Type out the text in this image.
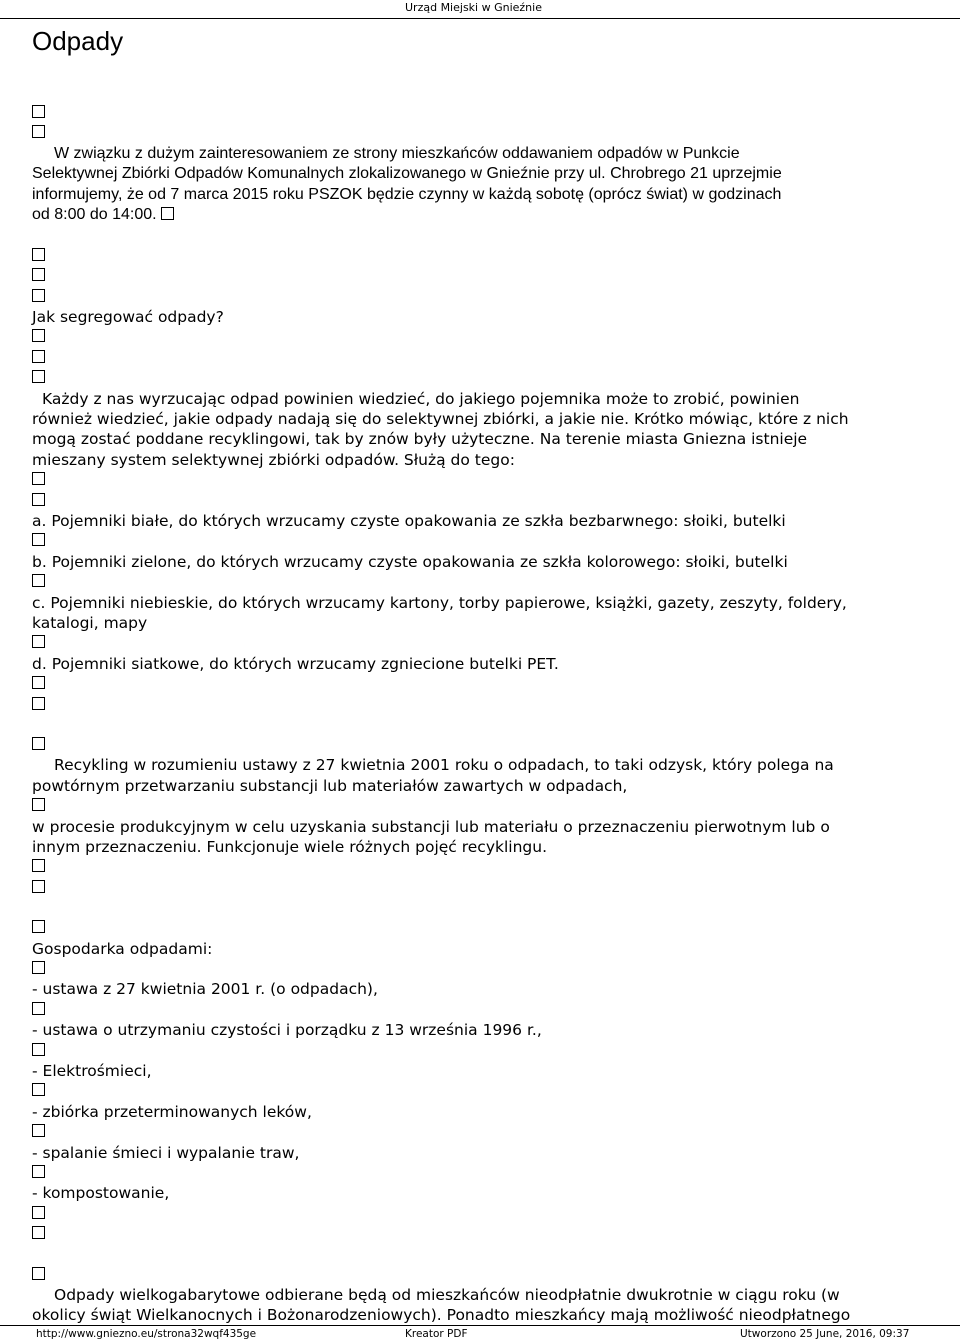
Urząd Miejski w Gnieźnie
Odpady
W związku z dużym zainteresowaniem ze strony mieszkańców oddawaniem odpadów w Punkcie
Selektywnej Zbiórki Odpadów Komunalnych zlokalizowanego w Gnieźnie przy ul. Chrobrego 21 uprzejmie
informujemy, że od 7 marca 2015 roku PSZOK będzie czynny w każdą sobotę (oprócz świat) w godzinach
od 8:00 do 14:00.
Jak segregować odpady?
Każdy z nas wyrzucając odpad powinien wiedzieć, do jakiego pojemnika może to zrobić, powinien
również wiedzieć, jakie odpady nadają się do selektywnej zbiórki, a jakie nie. Krótko mówiąc, które z nich
mogą zostać poddane recyklingowi, tak by znów były użyteczne. Na terenie miasta Gniezna istnieje
mieszany system selektywnej zbiórki odpadów. Służą do tego:
a. Pojemniki białe, do których wrzucamy czyste opakowania ze szkła bezbarwnego: słoiki, butelki
b. Pojemniki zielone, do których wrzucamy czyste opakowania ze szkła kolorowego: słoiki, butelki
c. Pojemniki niebieskie, do których wrzucamy kartony, torby papierowe, książki, gazety, zeszyty, foldery,
katalogi, mapy
d. Pojemniki siatkowe, do których wrzucamy zgniecione butelki PET.
Recykling w rozumieniu ustawy z 27 kwietnia 2001 roku o odpadach, to taki odzysk, który polega na
powtórnym przetwarzaniu substancji lub materiałów zawartych w odpadach,
w procesie produkcyjnym w celu uzyskania substancji lub materiału o przeznaczeniu pierwotnym lub o
innym przeznaczeniu. Funkcjonuje wiele różnych pojęć recyklingu.
Gospodarka odpadami:
- ustawa z 27 kwietnia 2001 r. (o odpadach),
- ustawa o utrzymaniu czystości i porządku z 13 września 1996 r.,
- Elektrośmieci,
- zbiórka przeterminowanych leków,
- spalanie śmieci i wypalanie traw,
- kompostowanie,
Odpady wielkogabarytowe odbierane będą od mieszkańców nieodpłatnie dwukrotnie w ciągu roku (w
okolicy świąt Wielkanocnych i Bożonarodzeniowych). Ponadto mieszkańcy mają możliwość nieodpłatnego
http://www.gniezno.eu/strona32wqf435ge	Kreator PDF	Utworzono 25 June, 2016, 09:37
